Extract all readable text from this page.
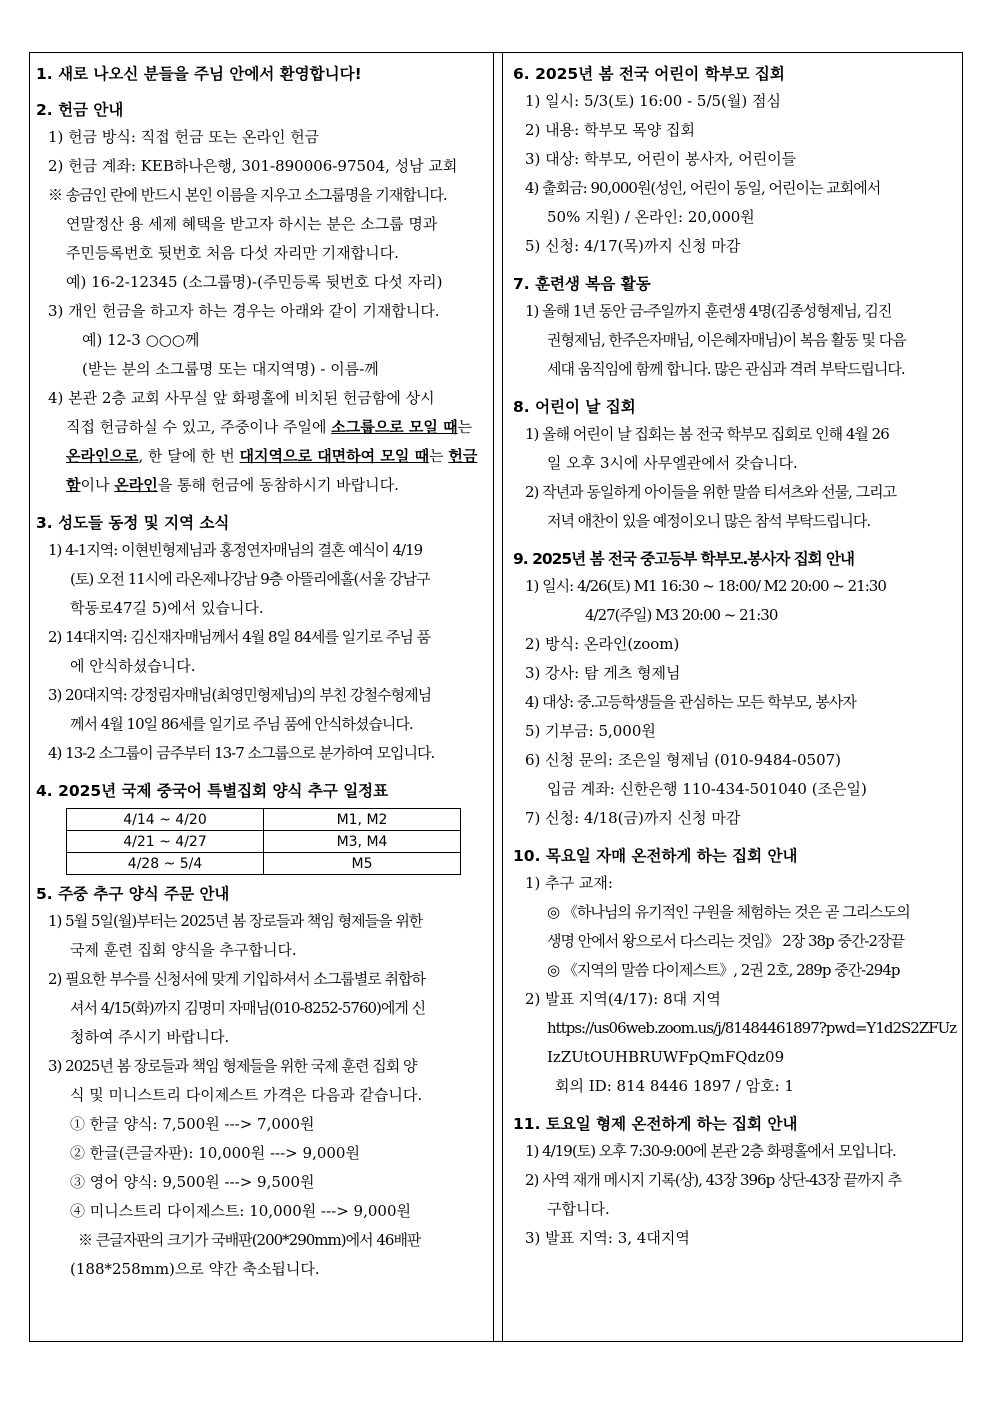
1. 새로 나오신 분들을 주님 안에서 환영합니다!

2. 헌금 안내

1) 헌금 방식: 직접 헌금 또는 온라인 헌금

2) 헌금 계좌: KEB하나은행, 301-890006-97504, 성남 교회

※ 송금인 란에 반드시 본인 이름을 지우고 소그룹명을 기재합니다.

연말정산 용 세제 혜택을 받고자 하시는 분은 소그룹 명과

주민등록번호 뒷번호 처음 다섯 자리만 기재합니다.

예) 16-2-12345 (소그룹명)-(주민등록 뒷번호 다섯 자리)

3) 개인 헌금을 하고자 하는 경우는 아래와 같이 기재합니다.

예) 12-3 ○○○께

(받는 분의 소그룹명 또는 대지역명) - 이름-께

4) 본관 2층 교회 사무실 앞 화평홀에 비치된 헌금함에 상시

직접 헌금하실 수 있고, 주중이나 주일에 소그룹으로 모일 때는

온라인으로, 한 달에 한 번 대지역으로 대면하여 모일 때는 헌금

함이나 온라인을 통해 헌금에 동참하시기 바랍니다.

3. 성도들 동정 및 지역 소식

1) 4-1지역: 이현빈형제님과 홍정연자매님의 결혼 예식이 4/19

(토) 오전 11시에 라온제나강남 9층 아뜰리에홀(서울 강남구

학동로47길 5)에서 있습니다.

2) 14대지역: 김신재자매님께서 4월 8일 84세를 일기로 주님 품

에 안식하셨습니다.

3) 20대지역: 강정림자매님(최영민형제님)의 부친 강철수형제님

께서 4월 10일 86세를 일기로 주님 품에 안식하셨습니다.

4) 13-2 소그룹이 금주부터 13-7 소그룹으로 분가하여 모입니다.

4. 2025년 국제 중국어 특별집회 양식 추구 일정표

4/14 ~ 4/20	M1, M2
4/21 ~ 4/27	M3, M4
4/28 ~ 5/4	M5

5. 주중 추구 양식 주문 안내

1) 5월 5일(월)부터는 2025년 봄 장로들과 책임 형제들을 위한

국제 훈련 집회 양식을 추구합니다.

2) 필요한 부수를 신청서에 맞게 기입하셔서 소그룹별로 취합하

셔서 4/15(화)까지 김명미 자매님(010-8252-5760)에게 신

청하여 주시기 바랍니다.

3) 2025년 봄 장로들과 책임 형제들을 위한 국제 훈련 집회 양

식 및 미니스트리 다이제스트 가격은 다음과 같습니다.

① 한글 양식: 7,500원 ---> 7,000원

② 한글(큰글자판): 10,000원 ---> 9,000원

③ 영어 양식: 9,500원 ---> 9,500원

④ 미니스트리 다이제스트: 10,000원 ---> 9,000원

※ 큰글자판의 크기가 국배판(200*290mm)에서 46배판

(188*258mm)으로 약간 축소됩니다.

6. 2025년 봄 전국 어린이 학부모 집회

1) 일시: 5/3(토) 16:00 - 5/5(월) 점심

2) 내용: 학부모 목양 집회

3) 대상: 학부모, 어린이 봉사자, 어린이들

4) 출회금: 90,000원(성인, 어린이 동일, 어린이는 교회에서

50% 지원) / 온라인: 20,000원

5) 신청: 4/17(목)까지 신청 마감

7. 훈련생 복음 활동

1) 올해 1년 동안 금-주일까지 훈련생 4명(김종성형제님, 김진

권형제님, 한주은자매님, 이은혜자매님)이 복음 활동 및 다음

세대 움직임에 함께 합니다. 많은 관심과 격려 부탁드립니다.

8. 어린이 날 집회

1) 올해 어린이 날 집회는 봄 전국 학부모 집회로 인해 4월 26

일 오후 3시에 사무엘관에서 갖습니다.

2) 작년과 동일하게 아이들을 위한 말씀 티셔츠와 선물, 그리고

저녁 애찬이 있을 예정이오니 많은 참석 부탁드립니다.

9. 2025년 봄 전국 중고등부 학부모.봉사자 집회 안내

1) 일시: 4/26(토) M1 16:30 ~ 18:00/ M2 20:00 ~ 21:30

4/27(주일) M3 20:00 ~ 21:30

2) 방식: 온라인(zoom)

3) 강사: 탐 게츠 형제님

4) 대상: 중.고등학생들을 관심하는 모든 학부모, 봉사자

5) 기부금: 5,000원

6) 신청 문의: 조은일 형제님 (010-9484-0507)

입금 계좌: 신한은행 110-434-501040 (조은일)

7) 신청: 4/18(금)까지 신청 마감

10. 목요일 자매 온전하게 하는 집회 안내

1) 추구 교재:

◎ 《하나님의 유기적인 구원을 체험하는 것은 곧 그리스도의

생명 안에서 왕으로서 다스리는 것임》 2장 38p 중간-2장끝

◎ 《지역의 말씀 다이제스트》, 2권 2호, 289p 중간-294p

2) 발표 지역(4/17): 8대 지역

https://us06web.zoom.us/j/81484461897?pwd=Y1d2S2ZFUz

IzZUtOUHBRUWFpQmFQdz09

회의 ID: 814 8446 1897 / 암호: 1

11. 토요일 형제 온전하게 하는 집회 안내

1) 4/19(토) 오후 7:30-9:00에 본관 2층 화평홀에서 모입니다.

2) 사역 재개 메시지 기록(상), 43장 396p 상단-43장 끝까지 추

구합니다.

3) 발표 지역: 3, 4대지역
